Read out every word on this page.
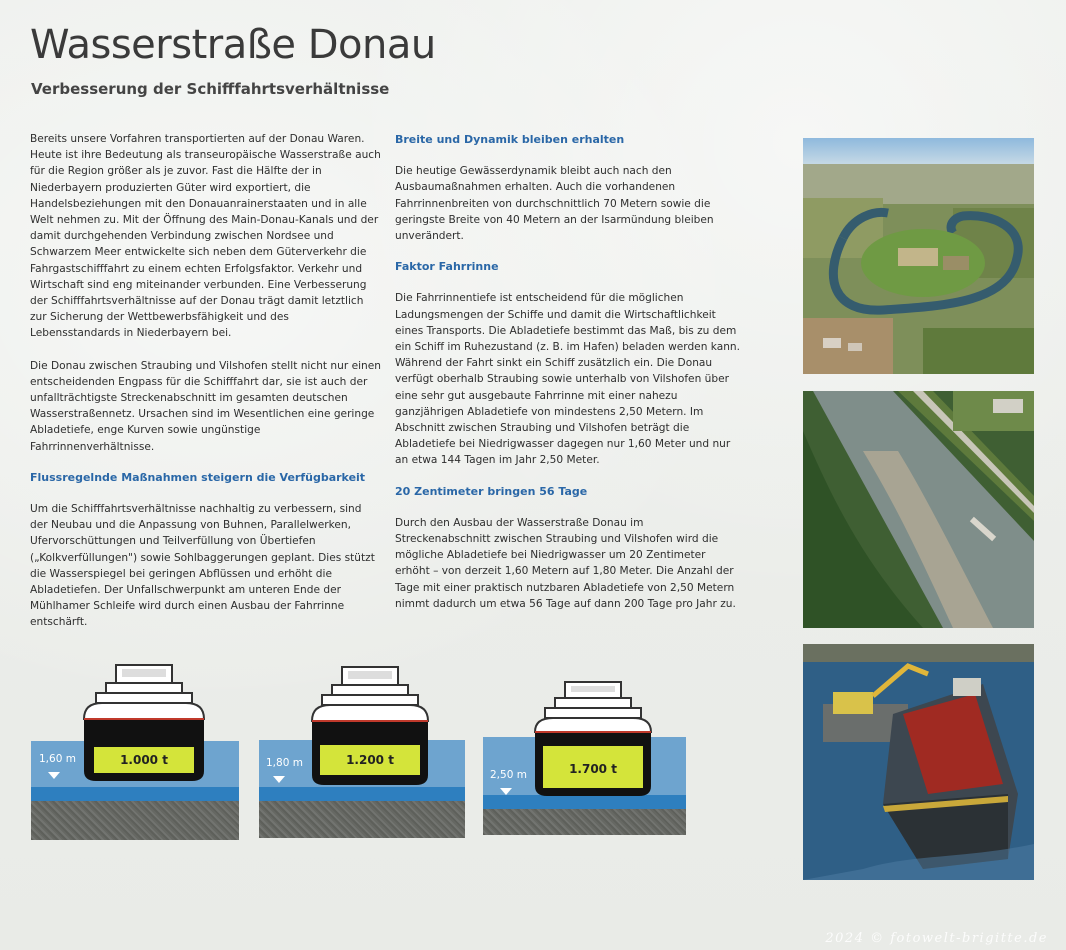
Wasserstraße Donau
Verbesserung der Schifffahrtsverhältnisse

Bereits unsere Vorfahren transportierten auf der Donau Waren. Heute ist ihre Bedeutung als transeuropäische Wasserstraße auch für die Region größer als je zuvor. Fast die Hälfte der in Niederbayern produzierten Güter wird exportiert, die Handelsbeziehungen mit den Donauanrainerstaaten und in alle Welt nehmen zu. Mit der Öffnung des Main-Donau-Kanals und der damit durchgehenden Verbindung zwischen Nordsee und Schwarzem Meer entwickelte sich neben dem Güterverkehr die Fahrgastschifffahrt zu einem echten Erfolgsfaktor. Verkehr und Wirtschaft sind eng miteinander verbunden. Eine Verbesserung der Schifffahrtsverhältnisse auf der Donau trägt damit letztlich zur Sicherung der Wettbewerbsfähigkeit und des Lebensstandards in Niederbayern bei.

Die Donau zwischen Straubing und Vilshofen stellt nicht nur einen entscheidenden Engpass für die Schifffahrt dar, sie ist auch der unfallträchtigste Streckenabschnitt im gesamten deutschen Wasserstraßennetz. Ursachen sind im Wesentlichen eine geringe Abladetiefe, enge Kurven sowie ungünstige Fahrrinnenverhältnisse.

Flussregelnde Maßnahmen steigern die Verfügbarkeit

Um die Schifffahrtsverhältnisse nachhaltig zu verbessern, sind der Neubau und die Anpassung von Buhnen, Parallelwerken, Ufervorschüttungen und Teilverfüllung von Übertiefen („Kolkverfüllungen") sowie Sohlbaggerungen geplant. Dies stützt die Wasserspiegel bei geringen Abflüssen und erhöht die Abladetiefen. Der Unfallschwerpunkt am unteren Ende der Mühlhamer Schleife wird durch einen Ausbau der Fahrrinne entschärft.

Breite und Dynamik bleiben erhalten

Die heutige Gewässerdynamik bleibt auch nach den Ausbaumaßnahmen erhalten. Auch die vorhandenen Fahrrinnenbreiten von durchschnittlich 70 Metern sowie die geringste Breite von 40 Metern an der Isarmündung bleiben unverändert.

Faktor Fahrrinne

Die Fahrrinnentiefe ist entscheidend für die möglichen Ladungsmengen der Schiffe und damit die Wirtschaftlichkeit eines Transports. Die Abladetiefe bestimmt das Maß, bis zu dem ein Schiff im Ruhezustand (z. B. im Hafen) beladen werden kann. Während der Fahrt sinkt ein Schiff zusätzlich ein. Die Donau verfügt oberhalb Straubing sowie unterhalb von Vilshofen über eine sehr gut ausgebaute Fahrrinne mit einer nahezu ganzjährigen Abladetiefe von mindestens 2,50 Metern. Im Abschnitt zwischen Straubing und Vilshofen beträgt die Abladetiefe bei Niedrigwasser dagegen nur 1,60 Meter und nur an etwa 144 Tagen im Jahr 2,50 Meter.

20 Zentimeter bringen 56 Tage

Durch den Ausbau der Wasserstraße Donau im Streckenabschnitt zwischen Straubing und Vilshofen wird die mögliche Abladetiefe bei Niedrigwasser um 20 Zentimeter erhöht – von derzeit 1,60 Metern auf 1,80 Meter. Die Anzahl der Tage mit einer praktisch nutzbaren Abladetiefe von 2,50 Metern nimmt dadurch um etwa 56 Tage auf dann 200 Tage pro Jahr zu.

1,60 m	1.000 t	1,80 m	1.200 t
2,50 m	1.700 t
2024 © fotowelt-brigitte.de
